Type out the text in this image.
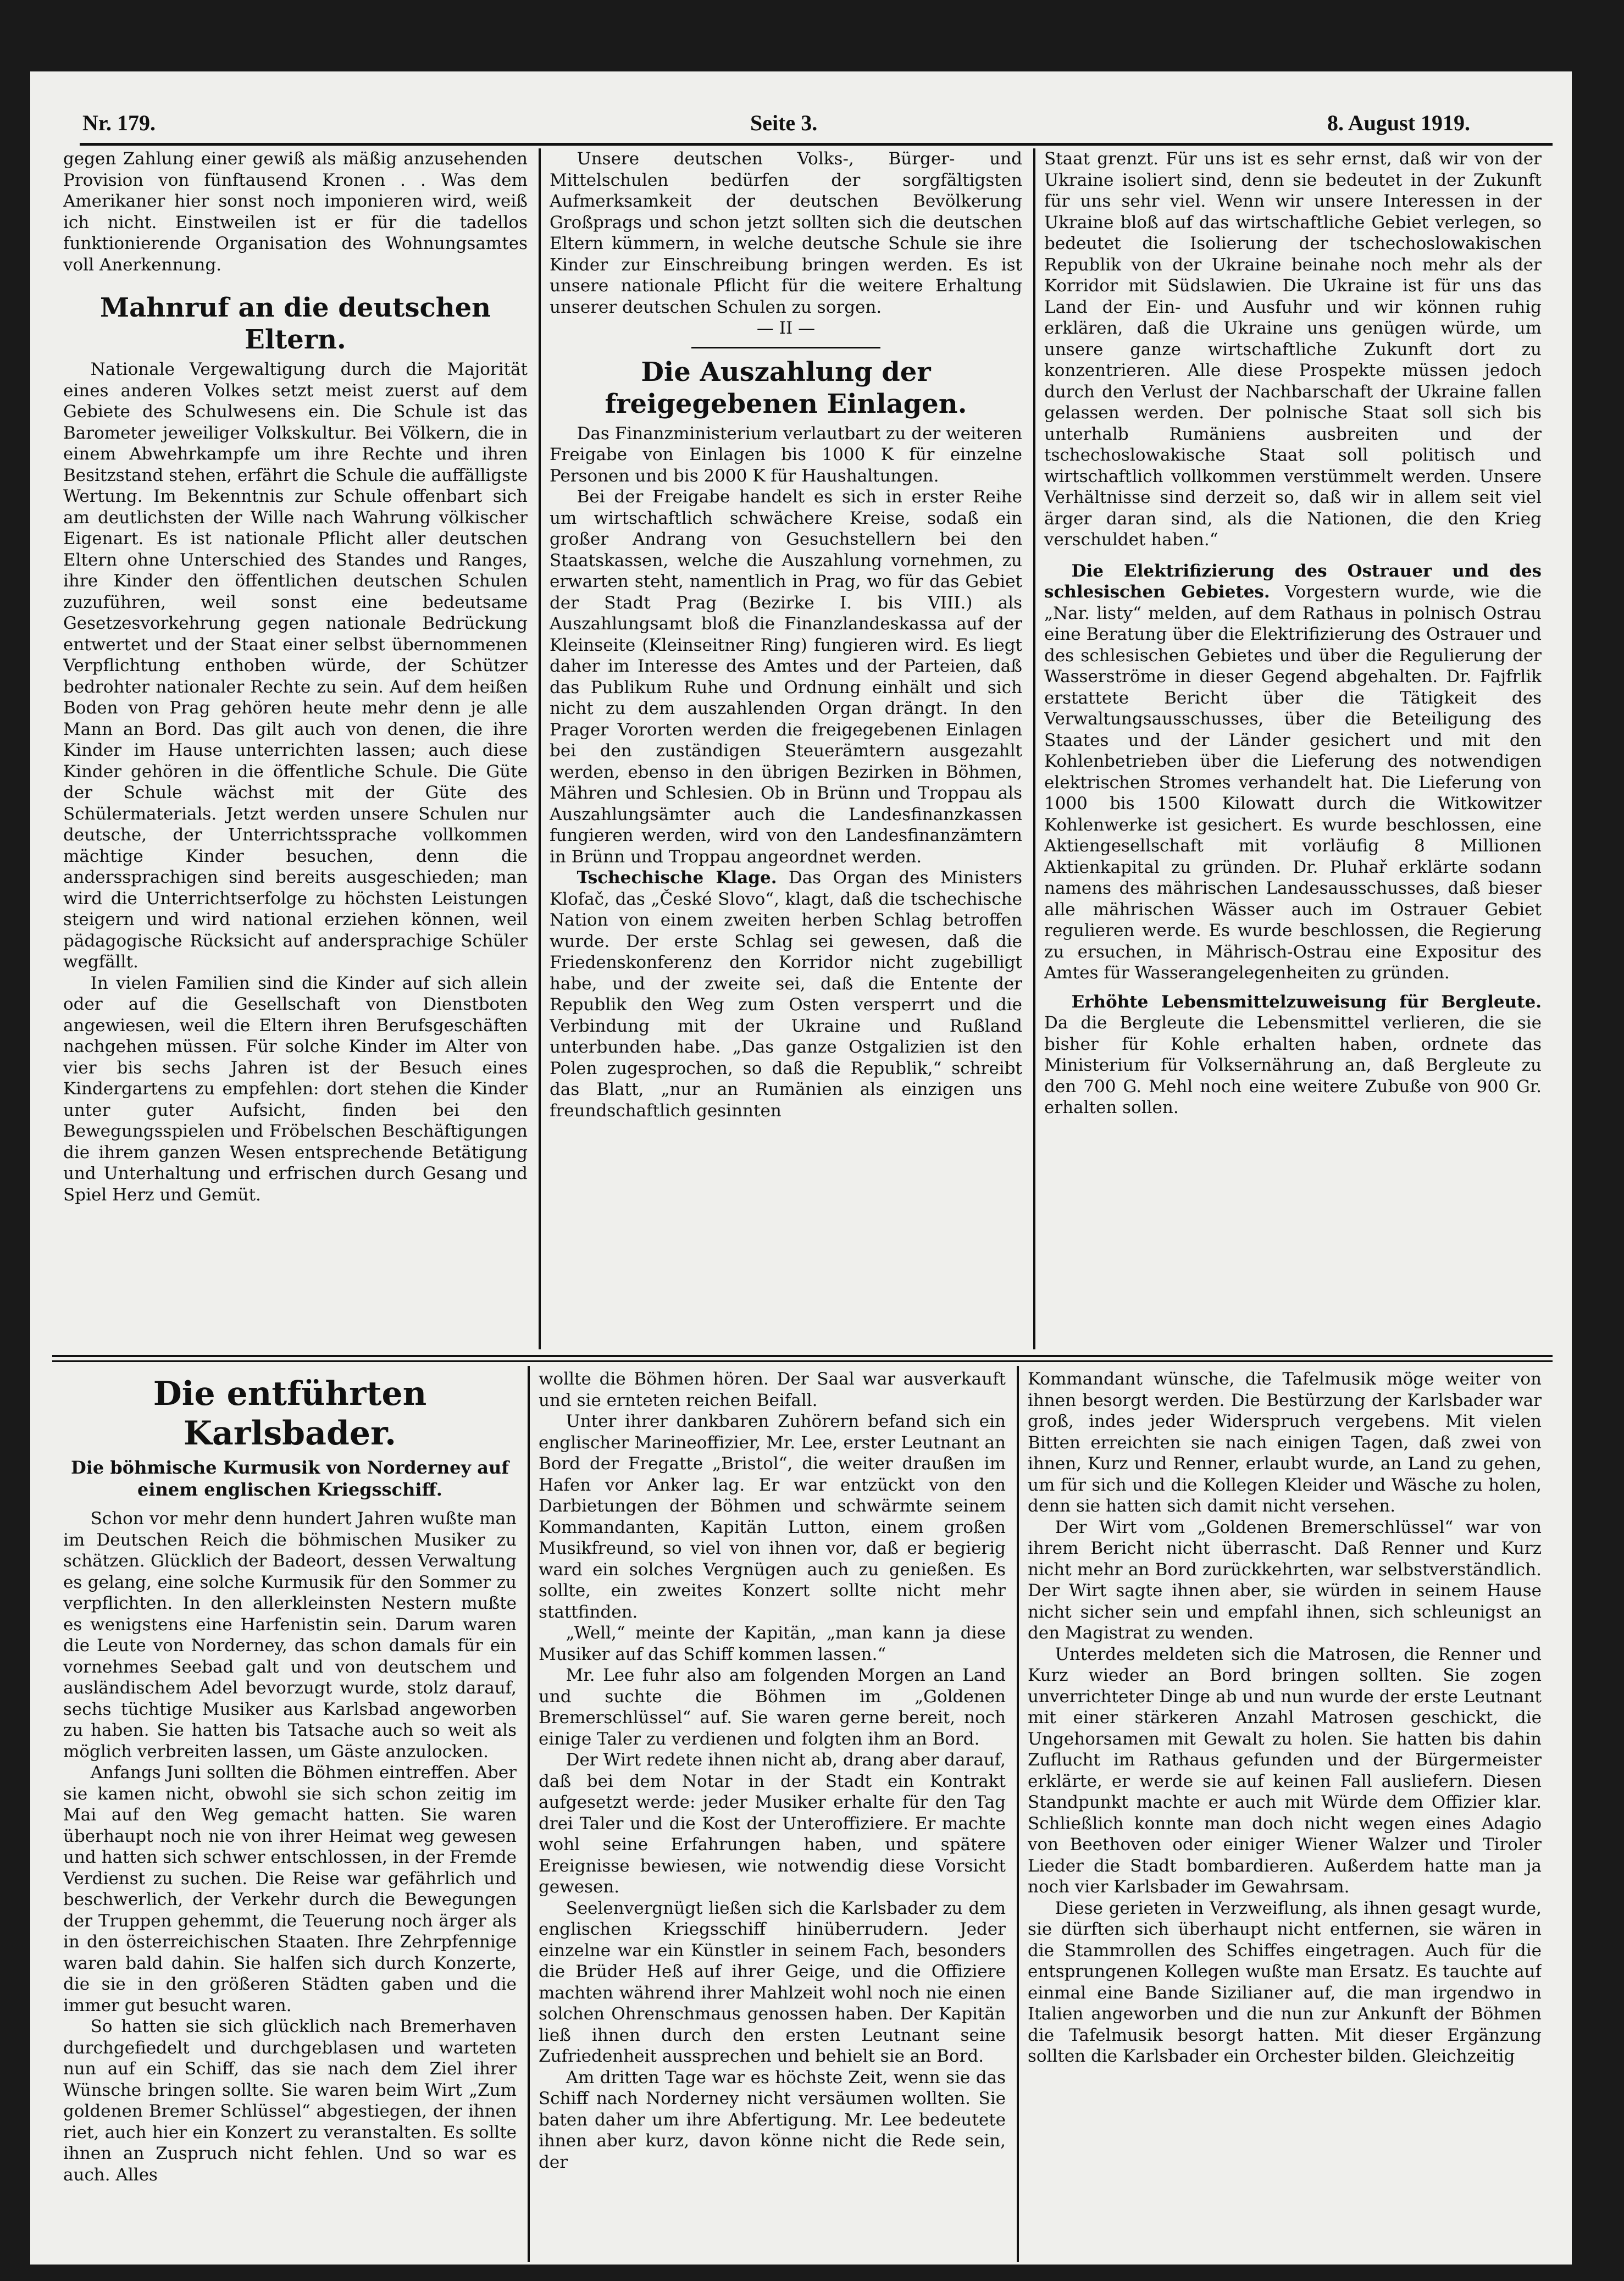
Nr. 179.	Seite 3.	8. August 1919.

gegen Zahlung einer gewiß als mäßig anzusehenden Provision von fünftausend Kronen . . Was dem Amerikaner hier sonst noch imponieren wird, weiß ich nicht. Einstweilen ist er für die tadellos funktionierende Organisation des Wohnungsamtes voll Anerkennung.

Mahnruf an die deutschen Eltern.

Nationale Vergewaltigung durch die Majorität eines anderen Volkes setzt meist zuerst auf dem Gebiete des Schulwesens ein. Die Schule ist das Barometer jeweiliger Volkskultur. Bei Völkern, die in einem Abwehrkampfe um ihre Rechte und ihren Besitzstand stehen, erfährt die Schule die auffälligste Wertung. Im Bekenntnis zur Schule offenbart sich am deutlichsten der Wille nach Wahrung völkischer Eigenart. Es ist nationale Pflicht aller deutschen Eltern ohne Unterschied des Standes und Ranges, ihre Kinder den öffentlichen deutschen Schulen zuzuführen, weil sonst eine bedeutsame Gesetzesvorkehrung gegen nationale Bedrückung entwertet und der Staat einer selbst übernommenen Verpflichtung enthoben würde, der Schützer bedrohter nationaler Rechte zu sein. Auf dem heißen Boden von Prag gehören heute mehr denn je alle Mann an Bord. Das gilt auch von denen, die ihre Kinder im Hause unterrichten lassen; auch diese Kinder gehören in die öffentliche Schule. Die Güte der Schule wächst mit der Güte des Schülermaterials. Jetzt werden unsere Schulen nur deutsche, der Unterrichtssprache vollkommen mächtige Kinder besuchen, denn die anderssprachigen sind bereits ausgeschieden; man wird die Unterrichtserfolge zu höchsten Leistungen steigern und wird national erziehen können, weil pädagogische Rücksicht auf andersprachige Schüler wegfällt.

In vielen Familien sind die Kinder auf sich allein oder auf die Gesellschaft von Dienstboten angewiesen, weil die Eltern ihren Berufsgeschäften nachgehen müssen. Für solche Kinder im Alter von vier bis sechs Jahren ist der Besuch eines Kindergartens zu empfehlen: dort stehen die Kinder unter guter Aufsicht, finden bei den Bewegungsspielen und Fröbelschen Beschäftigungen die ihrem ganzen Wesen entsprechende Betätigung und Unterhaltung und erfrischen durch Gesang und Spiel Herz und Gemüt.

Unsere deutschen Volks-, Bürger- und Mittelschulen bedürfen der sorgfältigsten Aufmerksamkeit der deutschen Bevölkerung Großprags und schon jetzt sollten sich die deutschen Eltern kümmern, in welche deutsche Schule sie ihre Kinder zur Einschreibung bringen werden. Es ist unsere nationale Pflicht für die weitere Erhaltung unserer deutschen Schulen zu sorgen.

— II —

Die Auszahlung der freigegebenen Einlagen.

Das Finanzministerium verlautbart zu der weiteren Freigabe von Einlagen bis 1000 K für einzelne Personen und bis 2000 K für Haushaltungen.

Bei der Freigabe handelt es sich in erster Reihe um wirtschaftlich schwächere Kreise, sodaß ein großer Andrang von Gesuchstellern bei den Staatskassen, welche die Auszahlung vornehmen, zu erwarten steht, namentlich in Prag, wo für das Gebiet der Stadt Prag (Bezirke I. bis VIII.) als Auszahlungsamt bloß die Finanzlandeskassa auf der Kleinseite (Kleinseitner Ring) fungieren wird. Es liegt daher im Interesse des Amtes und der Parteien, daß das Publikum Ruhe und Ordnung einhält und sich nicht zu dem auszahlenden Organ drängt. In den Prager Vororten werden die freigegebenen Einlagen bei den zuständigen Steuerämtern ausgezahlt werden, ebenso in den übrigen Bezirken in Böhmen, Mähren und Schlesien. Ob in Brünn und Troppau als Auszahlungsämter auch die Landesfinanzkassen fungieren werden, wird von den Landesfinanzämtern in Brünn und Troppau angeordnet werden.

Tschechische Klage. Das Organ des Ministers Klofač, das „České Slovo“, klagt, daß die tschechische Nation von einem zweiten herben Schlag betroffen wurde. Der erste Schlag sei gewesen, daß die Friedenskonferenz den Korridor nicht zugebilligt habe, und der zweite sei, daß die Entente der Republik den Weg zum Osten versperrt und die Verbindung mit der Ukraine und Rußland unterbunden habe. „Das ganze Ostgalizien ist den Polen zugesprochen, so daß die Republik,“ schreibt das Blatt, „nur an Rumänien als einzigen uns freundschaftlich gesinnten

Staat grenzt. Für uns ist es sehr ernst, daß wir von der Ukraine isoliert sind, denn sie bedeutet in der Zukunft für uns sehr viel. Wenn wir unsere Interessen in der Ukraine bloß auf das wirtschaftliche Gebiet verlegen, so bedeutet die Isolierung der tschechoslowakischen Republik von der Ukraine beinahe noch mehr als der Korridor mit Südslawien. Die Ukraine ist für uns das Land der Ein- und Ausfuhr und wir können ruhig erklären, daß die Ukraine uns genügen würde, um unsere ganze wirtschaftliche Zukunft dort zu konzentrieren. Alle diese Prospekte müssen jedoch durch den Verlust der Nachbarschaft der Ukraine fallen gelassen werden. Der polnische Staat soll sich bis unterhalb Rumäniens ausbreiten und der tschechoslowakische Staat soll politisch und wirtschaftlich vollkommen verstümmelt werden. Unsere Verhältnisse sind derzeit so, daß wir in allem seit viel ärger daran sind, als die Nationen, die den Krieg verschuldet haben.“

Die Elektrifizierung des Ostrauer und des schlesischen Gebietes. Vorgestern wurde, wie die „Nar. listy“ melden, auf dem Rathaus in polnisch Ostrau eine Beratung über die Elektrifizierung des Ostrauer und des schlesischen Gebietes und über die Regulierung der Wasserströme in dieser Gegend abgehalten. Dr. Fajfrlik erstattete Bericht über die Tätigkeit des Verwaltungsausschusses, über die Beteiligung des Staates und der Länder gesichert und mit den Kohlenbetrieben über die Lieferung des notwendigen elektrischen Stromes verhandelt hat. Die Lieferung von 1000 bis 1500 Kilowatt durch die Witkowitzer Kohlenwerke ist gesichert. Es wurde beschlossen, eine Aktiengesellschaft mit vorläufig 8 Millionen Aktienkapital zu gründen. Dr. Pluhař erklärte sodann namens des mährischen Landesausschusses, daß bieser alle mährischen Wässer auch im Ostrauer Gebiet regulieren werde. Es wurde beschlossen, die Regierung zu ersuchen, in Mährisch-Ostrau eine Expositur des Amtes für Wasserangelegenheiten zu gründen.

Erhöhte Lebensmittelzuweisung für Bergleute. Da die Bergleute die Lebensmittel verlieren, die sie bisher für Kohle erhalten haben, ordnete das Ministerium für Volksernährung an, daß Bergleute zu den 700 G. Mehl noch eine weitere Zubuße von 900 Gr. erhalten sollen.

Die entführten Karlsbader.
Die böhmische Kurmusik von Norderney auf einem englischen Kriegsschiff.

Schon vor mehr denn hundert Jahren wußte man im Deutschen Reich die böhmischen Musiker zu schätzen. Glücklich der Badeort, dessen Verwaltung es gelang, eine solche Kurmusik für den Sommer zu verpflichten. In den allerkleinsten Nestern mußte es wenigstens eine Harfenistin sein. Darum waren die Leute von Norderney, das schon damals für ein vornehmes Seebad galt und von deutschem und ausländischem Adel bevorzugt wurde, stolz darauf, sechs tüchtige Musiker aus Karlsbad angeworben zu haben. Sie hatten bis Tatsache auch so weit als möglich verbreiten lassen, um Gäste anzulocken.

Anfangs Juni sollten die Böhmen eintreffen. Aber sie kamen nicht, obwohl sie sich schon zeitig im Mai auf den Weg gemacht hatten. Sie waren überhaupt noch nie von ihrer Heimat weg gewesen und hatten sich schwer entschlossen, in der Fremde Verdienst zu suchen. Die Reise war gefährlich und beschwerlich, der Verkehr durch die Bewegungen der Truppen gehemmt, die Teuerung noch ärger als in den österreichischen Staaten. Ihre Zehrpfennige waren bald dahin. Sie halfen sich durch Konzerte, die sie in den größeren Städten gaben und die immer gut besucht waren.

So hatten sie sich glücklich nach Bremerhaven durchgefiedelt und durchgeblasen und warteten nun auf ein Schiff, das sie nach dem Ziel ihrer Wünsche bringen sollte. Sie waren beim Wirt „Zum goldenen Bremer Schlüssel“ abgestiegen, der ihnen riet, auch hier ein Konzert zu veranstalten. Es sollte ihnen an Zuspruch nicht fehlen. Und so war es auch. Alles

wollte die Böhmen hören. Der Saal war ausverkauft und sie ernteten reichen Beifall.

Unter ihrer dankbaren Zuhörern befand sich ein englischer Marineoffizier, Mr. Lee, erster Leutnant an Bord der Fregatte „Bristol“, die weiter draußen im Hafen vor Anker lag. Er war entzückt von den Darbietungen der Böhmen und schwärmte seinem Kommandanten, Kapitän Lutton, einem großen Musikfreund, so viel von ihnen vor, daß er begierig ward ein solches Vergnügen auch zu genießen. Es sollte, ein zweites Konzert sollte nicht mehr stattfinden.

„Well,“ meinte der Kapitän, „man kann ja diese Musiker auf das Schiff kommen lassen.“

Mr. Lee fuhr also am folgenden Morgen an Land und suchte die Böhmen im „Goldenen Bremerschlüssel“ auf. Sie waren gerne bereit, noch einige Taler zu verdienen und folgten ihm an Bord.

Der Wirt redete ihnen nicht ab, drang aber darauf, daß bei dem Notar in der Stadt ein Kontrakt aufgesetzt werde: jeder Musiker erhalte für den Tag drei Taler und die Kost der Unteroffiziere. Er machte wohl seine Erfahrungen haben, und spätere Ereignisse bewiesen, wie notwendig diese Vorsicht gewesen.

Seelenvergnügt ließen sich die Karlsbader zu dem englischen Kriegsschiff hinüberrudern. Jeder einzelne war ein Künstler in seinem Fach, besonders die Brüder Heß auf ihrer Geige, und die Offiziere machten während ihrer Mahlzeit wohl noch nie einen solchen Ohrenschmaus genossen haben. Der Kapitän ließ ihnen durch den ersten Leutnant seine Zufriedenheit aussprechen und behielt sie an Bord.

Am dritten Tage war es höchste Zeit, wenn sie das Schiff nach Norderney nicht versäumen wollten. Sie baten daher um ihre Abfertigung. Mr. Lee bedeutete ihnen aber kurz, davon könne nicht die Rede sein, der

Kommandant wünsche, die Tafelmusik möge weiter von ihnen besorgt werden. Die Bestürzung der Karlsbader war groß, indes jeder Widerspruch vergebens. Mit vielen Bitten erreichten sie nach einigen Tagen, daß zwei von ihnen, Kurz und Renner, erlaubt wurde, an Land zu gehen, um für sich und die Kollegen Kleider und Wäsche zu holen, denn sie hatten sich damit nicht versehen.

Der Wirt vom „Goldenen Bremerschlüssel“ war von ihrem Bericht nicht überrascht. Daß Renner und Kurz nicht mehr an Bord zurückkehrten, war selbstverständlich. Der Wirt sagte ihnen aber, sie würden in seinem Hause nicht sicher sein und empfahl ihnen, sich schleunigst an den Magistrat zu wenden.

Unterdes meldeten sich die Matrosen, die Renner und Kurz wieder an Bord bringen sollten. Sie zogen unverrichteter Dinge ab und nun wurde der erste Leutnant mit einer stärkeren Anzahl Matrosen geschickt, die Ungehorsamen mit Gewalt zu holen. Sie hatten bis dahin Zuflucht im Rathaus gefunden und der Bürgermeister erklärte, er werde sie auf keinen Fall ausliefern. Diesen Standpunkt machte er auch mit Würde dem Offizier klar. Schließlich konnte man doch nicht wegen eines Adagio von Beethoven oder einiger Wiener Walzer und Tiroler Lieder die Stadt bombardieren. Außerdem hatte man ja noch vier Karlsbader im Gewahrsam.

Diese gerieten in Verzweiflung, als ihnen gesagt wurde, sie dürften sich überhaupt nicht entfernen, sie wären in die Stammrollen des Schiffes eingetragen. Auch für die entsprungenen Kollegen wußte man Ersatz. Es tauchte auf einmal eine Bande Sizilianer auf, die man irgendwo in Italien angeworben und die nun zur Ankunft der Böhmen die Tafelmusik besorgt hatten. Mit dieser Ergänzung sollten die Karlsbader ein Orchester bilden. Gleichzeitig
